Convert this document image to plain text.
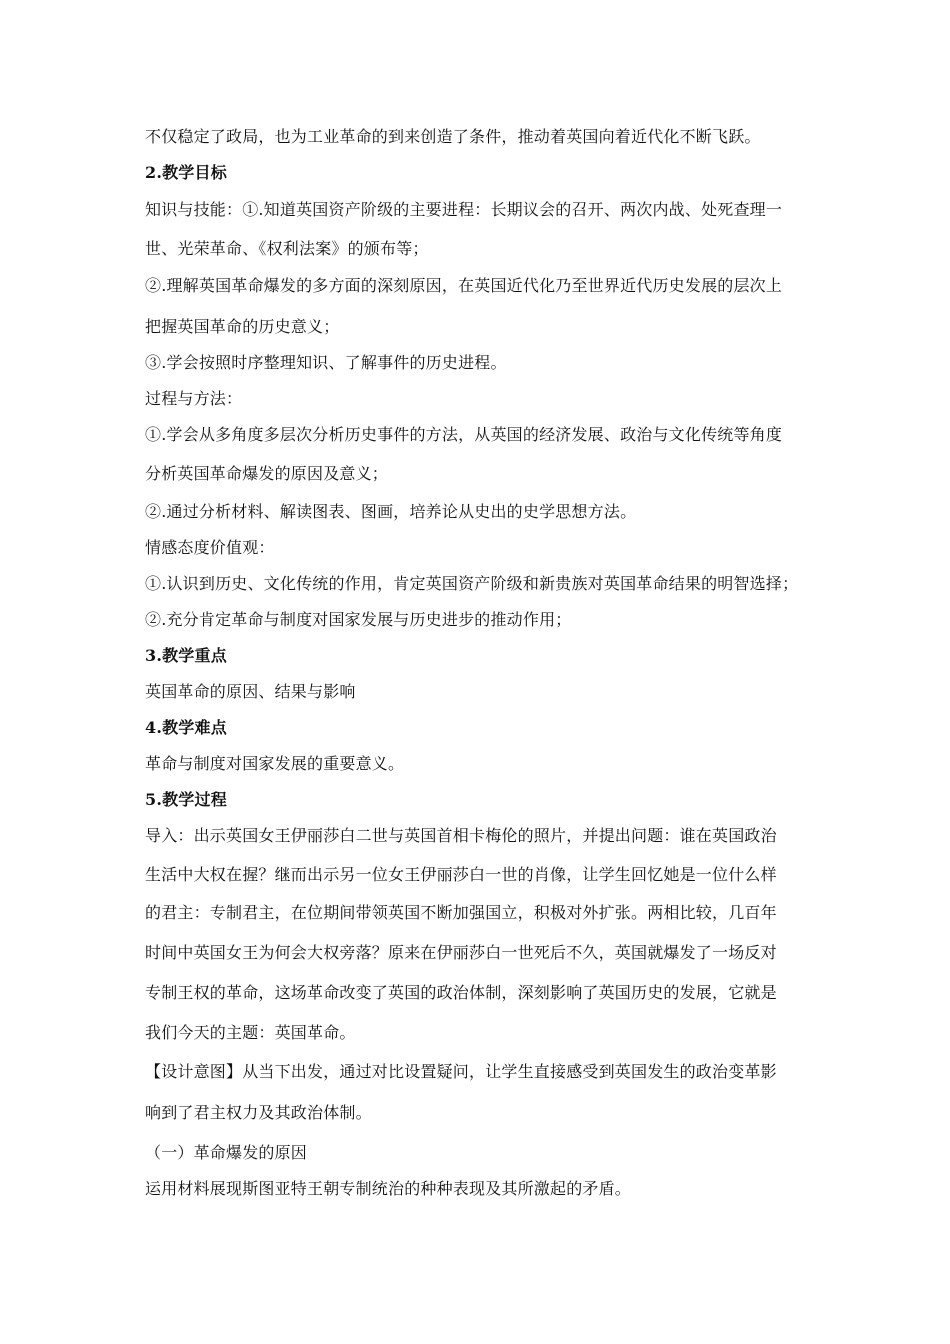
不仅稳定了政局，也为工业革命的到来创造了条件，推动着英国向着近代化不断飞跃。
2.教学目标
知识与技能：①.知道英国资产阶级的主要进程：长期议会的召开、两次内战、处死查理一
世、光荣革命、《权利法案》的颁布等；
②.理解英国革命爆发的多方面的深刻原因，在英国近代化乃至世界近代历史发展的层次上
把握英国革命的历史意义；
③.学会按照时序整理知识、了解事件的历史进程。
过程与方法：
①.学会从多角度多层次分析历史事件的方法，从英国的经济发展、政治与文化传统等角度
分析英国革命爆发的原因及意义；
②.通过分析材料、解读图表、图画，培养论从史出的史学思想方法。
情感态度价值观：
①.认识到历史、文化传统的作用，肯定英国资产阶级和新贵族对英国革命结果的明智选择；
②.充分肯定革命与制度对国家发展与历史进步的推动作用；
3.教学重点
英国革命的原因、结果与影响
4.教学难点
革命与制度对国家发展的重要意义。
5.教学过程
导入：出示英国女王伊丽莎白二世与英国首相卡梅伦的照片，并提出问题：谁在英国政治
生活中大权在握？继而出示另一位女王伊丽莎白一世的肖像，让学生回忆她是一位什么样
的君主：专制君主，在位期间带领英国不断加强国立，积极对外扩张。两相比较，几百年
时间中英国女王为何会大权旁落？原来在伊丽莎白一世死后不久，英国就爆发了一场反对
专制王权的革命，这场革命改变了英国的政治体制，深刻影响了英国历史的发展，它就是
我们今天的主题：英国革命。
【设计意图】从当下出发，通过对比设置疑问，让学生直接感受到英国发生的政治变革影
响到了君主权力及其政治体制。
（一）革命爆发的原因
运用材料展现斯图亚特王朝专制统治的种种表现及其所激起的矛盾。
